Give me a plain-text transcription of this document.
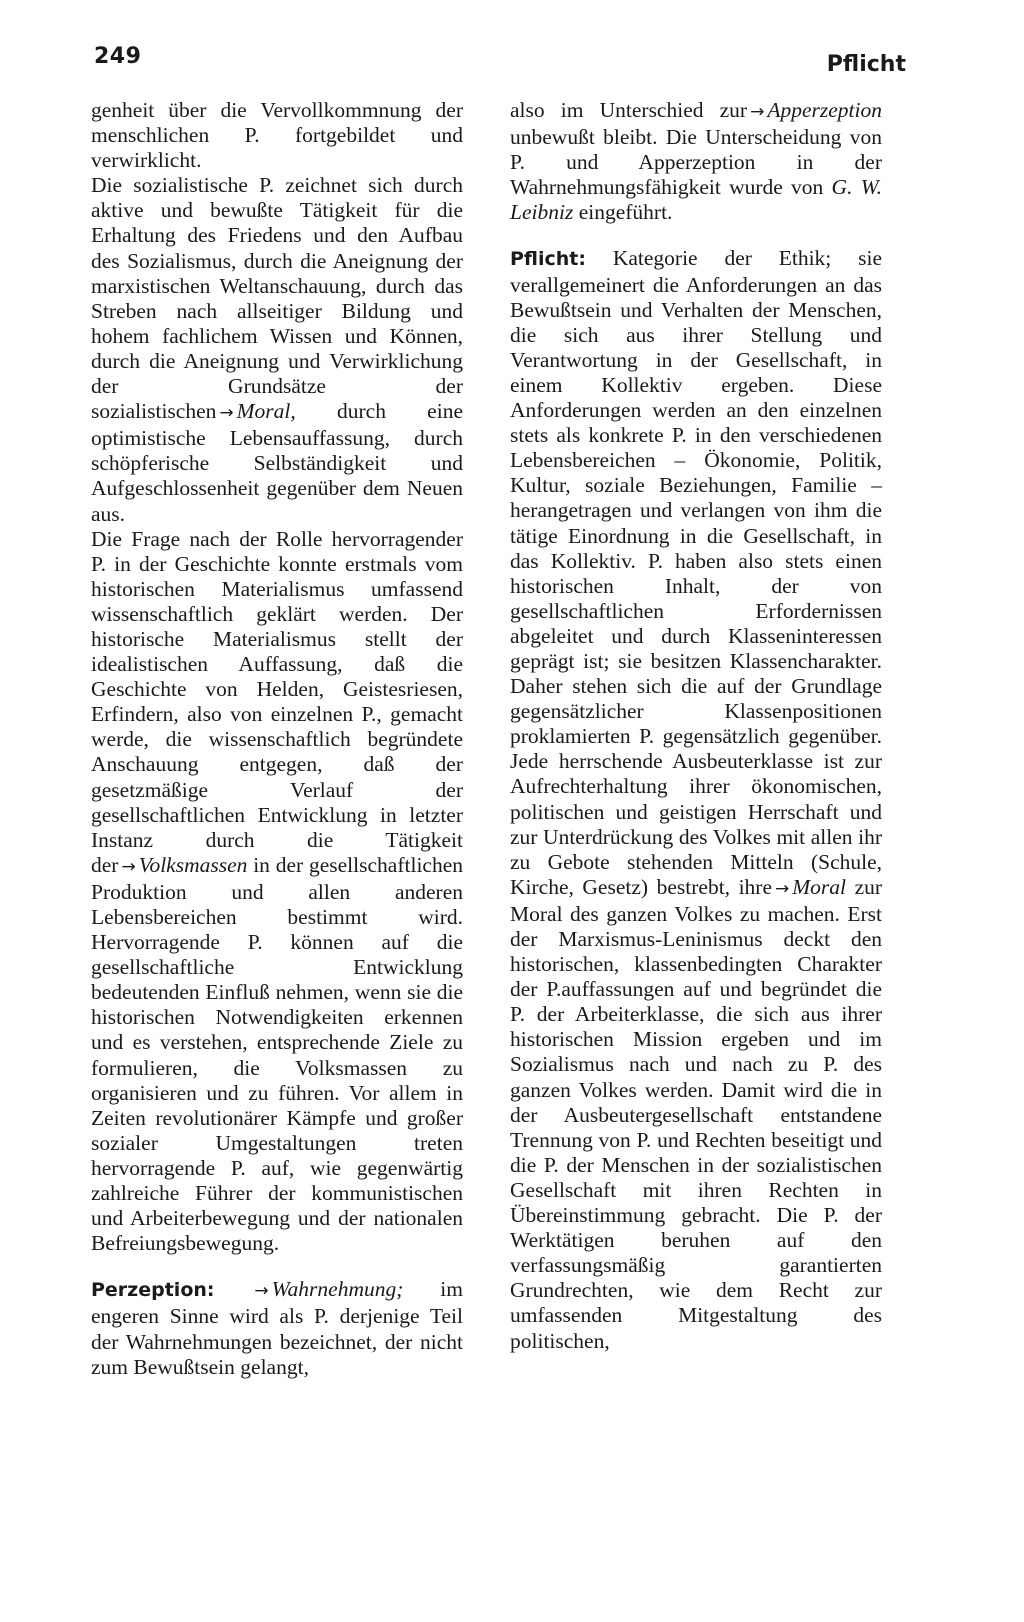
249	Pflicht

genheit über die Vervollkommnung der menschlichen P. fortgebildet und verwirklicht.

Die sozialistische P. zeichnet sich durch aktive und bewußte Tätigkeit für die Erhaltung des Friedens und den Aufbau des Sozialismus, durch die Aneignung der marxistischen Weltanschauung, durch das Streben nach allseitiger Bildung und hohem fachlichem Wissen und Können, durch die Aneignung und Verwirklichung der Grundsätze der sozialistischen → Moral, durch eine optimistische Lebensauffassung, durch schöpferische Selbständigkeit und Aufgeschlossenheit gegenüber dem Neuen aus.

Die Frage nach der Rolle hervorragender P. in der Geschichte konnte erstmals vom historischen Materialismus umfassend wissenschaftlich geklärt werden. Der historische Materialismus stellt der idealistischen Auffassung, daß die Geschichte von Helden, Geistesriesen, Erfindern, also von einzelnen P., gemacht werde, die wissenschaftlich begründete Anschauung entgegen, daß der gesetzmäßige Verlauf der gesellschaftlichen Entwicklung in letzter Instanz durch die Tätigkeit der → Volksmassen in der gesellschaftlichen Produktion und allen anderen Lebensbereichen bestimmt wird. Hervorragende P. können auf die gesellschaftliche Entwicklung bedeutenden Einfluß nehmen, wenn sie die historischen Notwendigkeiten erkennen und es verstehen, entsprechende Ziele zu formulieren, die Volksmassen zu organisieren und zu führen. Vor allem in Zeiten revolutionärer Kämpfe und großer sozialer Umgestaltungen treten hervorragende P. auf, wie gegenwärtig zahlreiche Führer der kommunistischen und Arbeiterbewegung und der nationalen Befreiungsbewegung.

Perzeption: → Wahrnehmung; im engeren Sinne wird als P. derjenige Teil der Wahrnehmungen bezeichnet, der nicht zum Bewußtsein gelangt,

also im Unterschied zur → Apperzeption unbewußt bleibt. Die Unterscheidung von P. und Apperzeption in der Wahrnehmungsfähigkeit wurde von G. W. Leibniz eingeführt.

Pflicht: Kategorie der Ethik; sie verallgemeinert die Anforderungen an das Bewußtsein und Verhalten der Menschen, die sich aus ihrer Stellung und Verantwortung in der Gesellschaft, in einem Kollektiv ergeben. Diese Anforderungen werden an den einzelnen stets als konkrete P. in den verschiedenen Lebensbereichen – Ökonomie, Politik, Kultur, soziale Beziehungen, Familie – herangetragen und verlangen von ihm die tätige Einordnung in die Gesellschaft, in das Kollektiv. P. haben also stets einen historischen Inhalt, der von gesellschaftlichen Erfordernissen abgeleitet und durch Klasseninteressen geprägt ist; sie besitzen Klassencharakter. Daher stehen sich die auf der Grundlage gegensätzlicher Klassenpositionen proklamierten P. gegensätzlich gegenüber. Jede herrschende Ausbeuterklasse ist zur Aufrechterhaltung ihrer ökonomischen, politischen und geistigen Herrschaft und zur Unterdrückung des Volkes mit allen ihr zu Gebote stehenden Mitteln (Schule, Kirche, Gesetz) bestrebt, ihre → Moral zur Moral des ganzen Volkes zu machen. Erst der Marxismus-Leninismus deckt den historischen, klassenbedingten Charakter der P.auffassungen auf und begründet die P. der Arbeiterklasse, die sich aus ihrer historischen Mission ergeben und im Sozialismus nach und nach zu P. des ganzen Volkes werden. Damit wird die in der Ausbeutergesellschaft entstandene Trennung von P. und Rechten beseitigt und die P. der Menschen in der sozialistischen Gesellschaft mit ihren Rechten in Übereinstimmung gebracht. Die P. der Werktätigen beruhen auf den verfassungsmäßig garantierten Grundrechten, wie dem Recht zur umfassenden Mitgestaltung des politischen,
